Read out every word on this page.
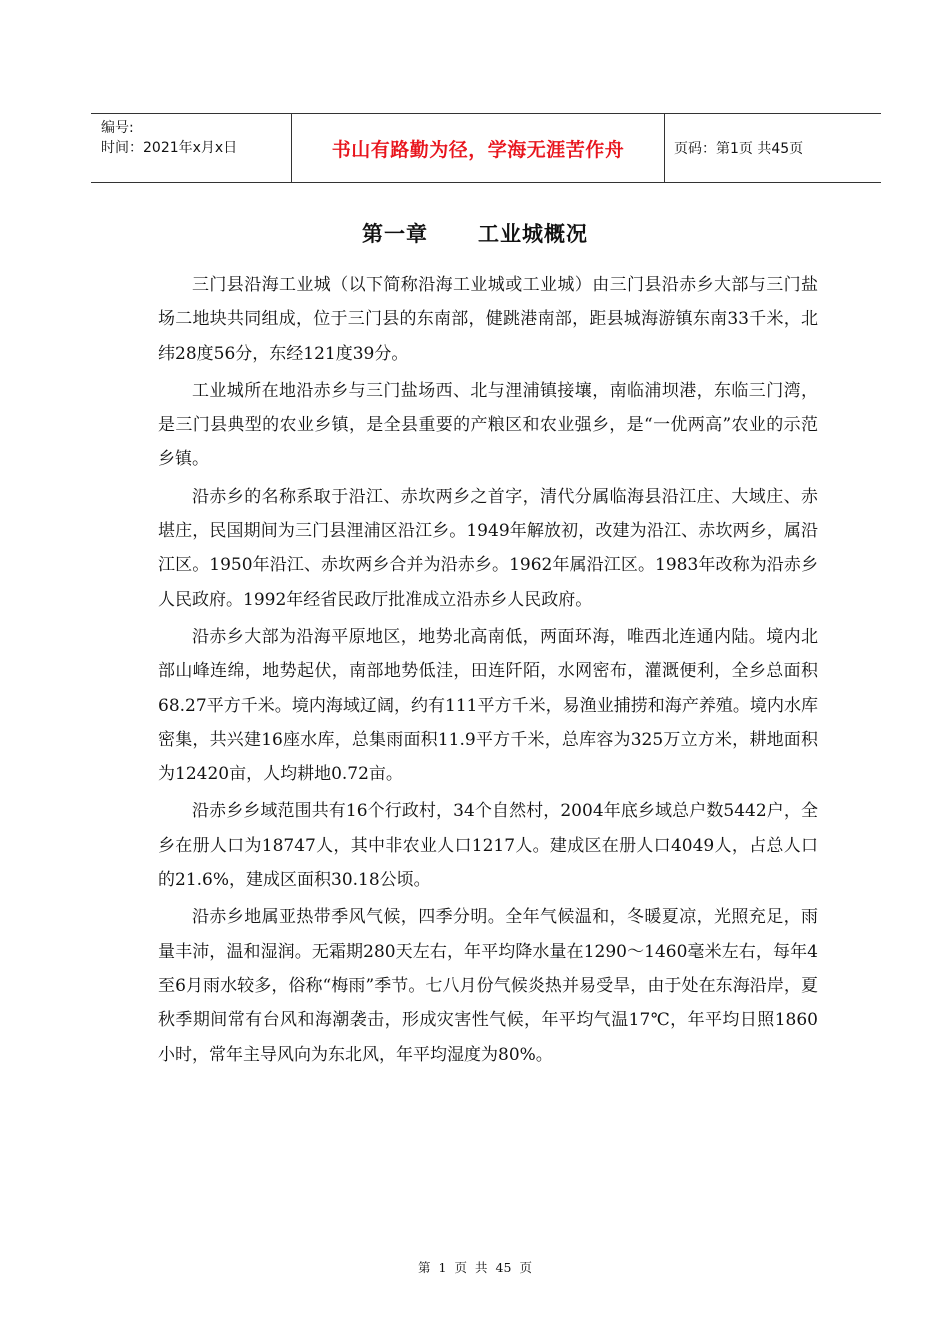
编号:
时间：2021年x月x日	书山有路勤为径，学海无涯苦作舟	页码：第1页 共45页
第一章 工业城概况

三门县沿海工业城（以下简称沿海工业城或工业城）由三门县沿赤乡大部与三门盐场二地块共同组成，位于三门县的东南部，健跳港南部，距县城海游镇东南33千米，北纬28度56分，东经121度39分。

工业城所在地沿赤乡与三门盐场西、北与浬浦镇接壤，南临浦坝港，东临三门湾，是三门县典型的农业乡镇，是全县重要的产粮区和农业强乡，是“一优两高”农业的示范乡镇。

沿赤乡的名称系取于沿江、赤坎两乡之首字，清代分属临海县沿江庄、大域庄、赤堪庄，民国期间为三门县浬浦区沿江乡。1949年解放初，改建为沿江、赤坎两乡，属沿江区。1950年沿江、赤坎两乡合并为沿赤乡。1962年属沿江区。1983年改称为沿赤乡人民政府。1992年经省民政厅批准成立沿赤乡人民政府。

沿赤乡大部为沿海平原地区，地势北高南低，两面环海，唯西北连通内陆。境内北部山峰连绵，地势起伏，南部地势低洼，田连阡陌，水网密布，灌溉便利，全乡总面积68.27平方千米。境内海域辽阔，约有111平方千米，易渔业捕捞和海产养殖。境内水库密集，共兴建16座水库，总集雨面积11.9平方千米，总库容为325万立方米，耕地面积为12420亩，人均耕地0.72亩。

沿赤乡乡域范围共有16个行政村，34个自然村，2004年底乡域总户数5442户，全乡在册人口为18747人，其中非农业人口1217人。建成区在册人口4049人，占总人口的21.6%，建成区面积30.18公顷。

沿赤乡地属亚热带季风气候，四季分明。全年气候温和，冬暖夏凉，光照充足，雨量丰沛，温和湿润。无霜期280天左右，年平均降水量在1290～1460毫米左右，每年4至6月雨水较多，俗称“梅雨”季节。七八月份气候炎热并易受旱，由于处在东海沿岸，夏秋季期间常有台风和海潮袭击，形成灾害性气候，年平均气温17℃，年平均日照1860小时，常年主导风向为东北风，年平均湿度为80%。

第 1 页 共 45 页
